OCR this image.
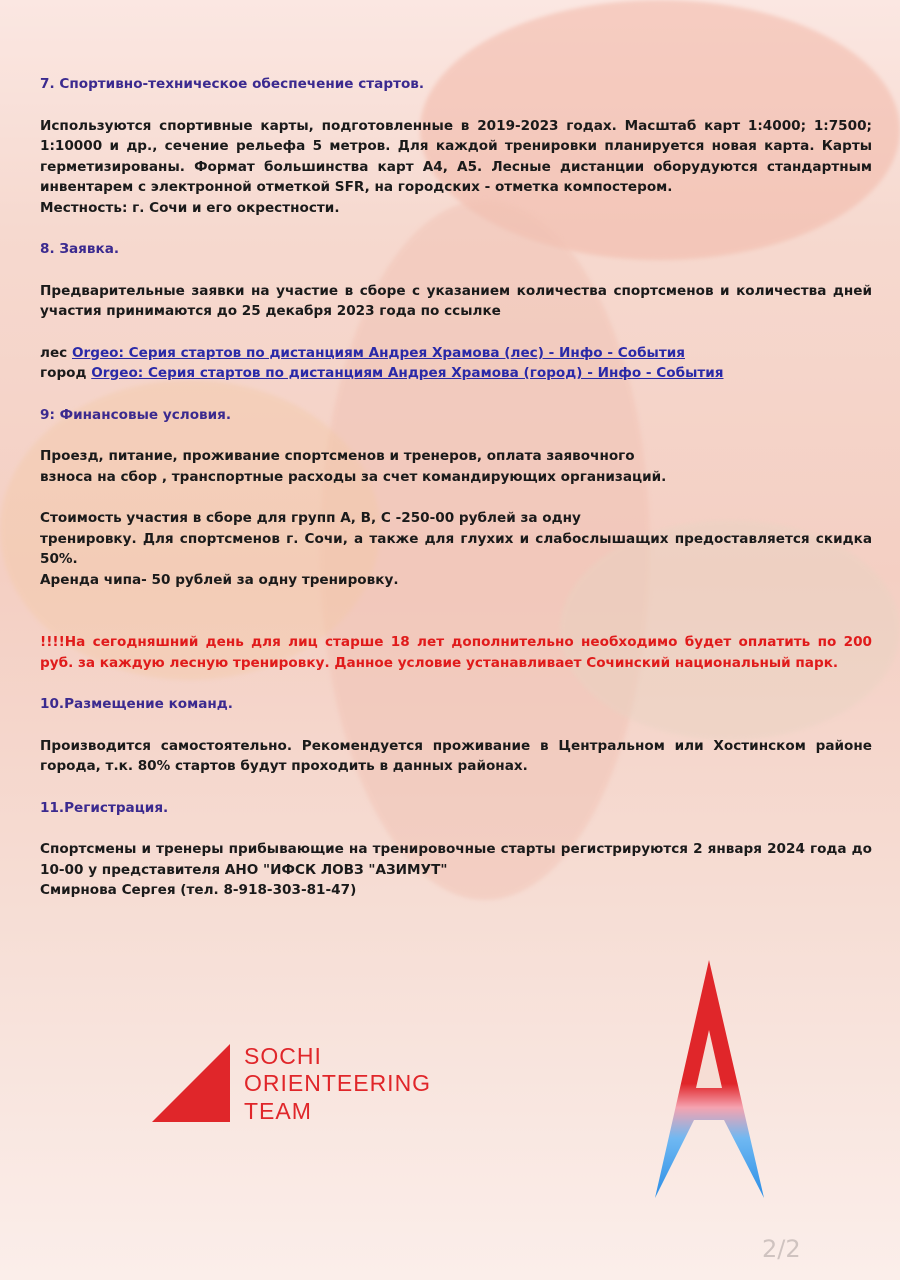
7. Спортивно-техническое обеспечение стартов.

Используются спортивные карты, подготовленные в 2019-2023 годах. Масштаб карт 1:4000; 1:7500; 1:10000 и др., сечение рельефа 5 метров. Для каждой тренировки планируется новая карта. Карты герметизированы. Формат большинства карт А4, А5. Лесные дистанции оборудуются стандартным инвентарем с электронной отметкой SFR, на городских - отметка компостером.

Местность: г. Сочи и его окрестности.

8. Заявка.

Предварительные заявки на участие в сборе с указанием количества спортсменов и количества дней участия принимаются до 25 декабря 2023 года по ссылке

лес Orgeo: Серия стартов по дистанциям Андрея Храмова (лес) - Инфо - События

город Orgeo: Серия стартов по дистанциям Андрея Храмова (город) - Инфо - События

9: Финансовые условия.

Проезд, питание, проживание спортсменов и тренеров, оплата заявочного

взноса на сбор , транспортные расходы за счет командирующих организаций.

Стоимость участия в сборе для групп А, В, С -250-00 рублей за одну

тренировку. Для спортсменов г. Сочи, а также для глухих и слабослышащих предоставляется скидка 50%.

Аренда чипа- 50 рублей за одну тренировку.

!!!!На сегодняшний день для лиц старше 18 лет дополнительно необходимо будет оплатить по 200 руб. за каждую лесную тренировку. Данное условие устанавливает Сочинский национальный парк.

10.Размещение команд.

Производится самостоятельно. Рекомендуется проживание в Центральном или Хостинском районе города, т.к. 80% стартов будут проходить в данных районах.

11.Регистрация.

Спортсмены и тренеры прибывающие на тренировочные старты регистрируются 2 января 2024 года до 10-00 у представителя АНО "ИФСК ЛОВЗ "АЗИМУТ"

Смирнова Сергея (тел. 8-918-303-81-47)

SOCHI
ORIENTEERING
TEAM
2/2
